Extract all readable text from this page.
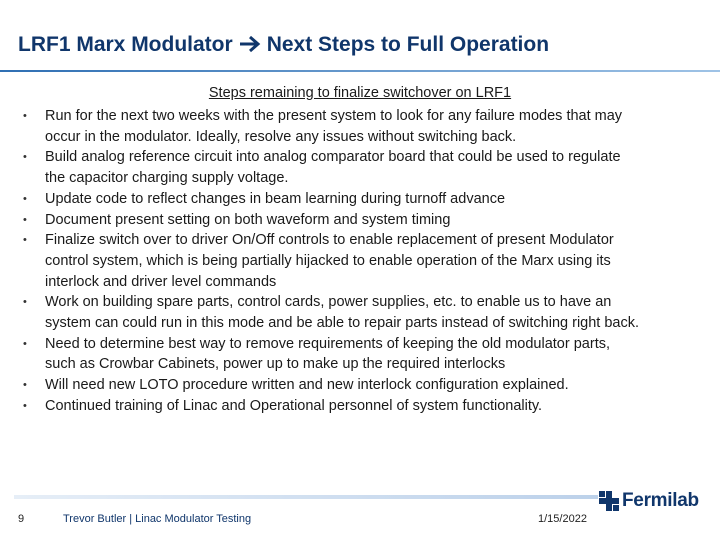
LRF1 Marx Modulator Next Steps to Full Operation
Steps remaining to finalize switchover on LRF1
•	Run for the next two weeks with the present system to look for any failure modes that may
occur in the modulator. Ideally, resolve any issues without switching back.
•	Build analog reference circuit into analog comparator board that could be used to regulate
the capacitor charging supply voltage.
•	Update code to reflect changes in beam learning during turnoff advance
•	Document present setting on both waveform and system timing
•	Finalize switch over to driver On/Off controls to enable replacement of present Modulator
control system, which is being partially hijacked to enable operation of the Marx using its
interlock and driver level commands
•	Work on building spare parts, control cards, power supplies, etc. to enable us to have an
system can could run in this mode and be able to repair parts instead of switching right back.
•	Need to determine best way to remove requirements of keeping the old modulator parts,
such as Crowbar Cabinets, power up to make up the required interlocks
•	Will need new LOTO procedure written and new interlock configuration explained.
•	Continued training of Linac and Operational personnel of system functionality.
9	Trevor Butler | Linac Modulator Testing	1/15/2022
Fermilab
